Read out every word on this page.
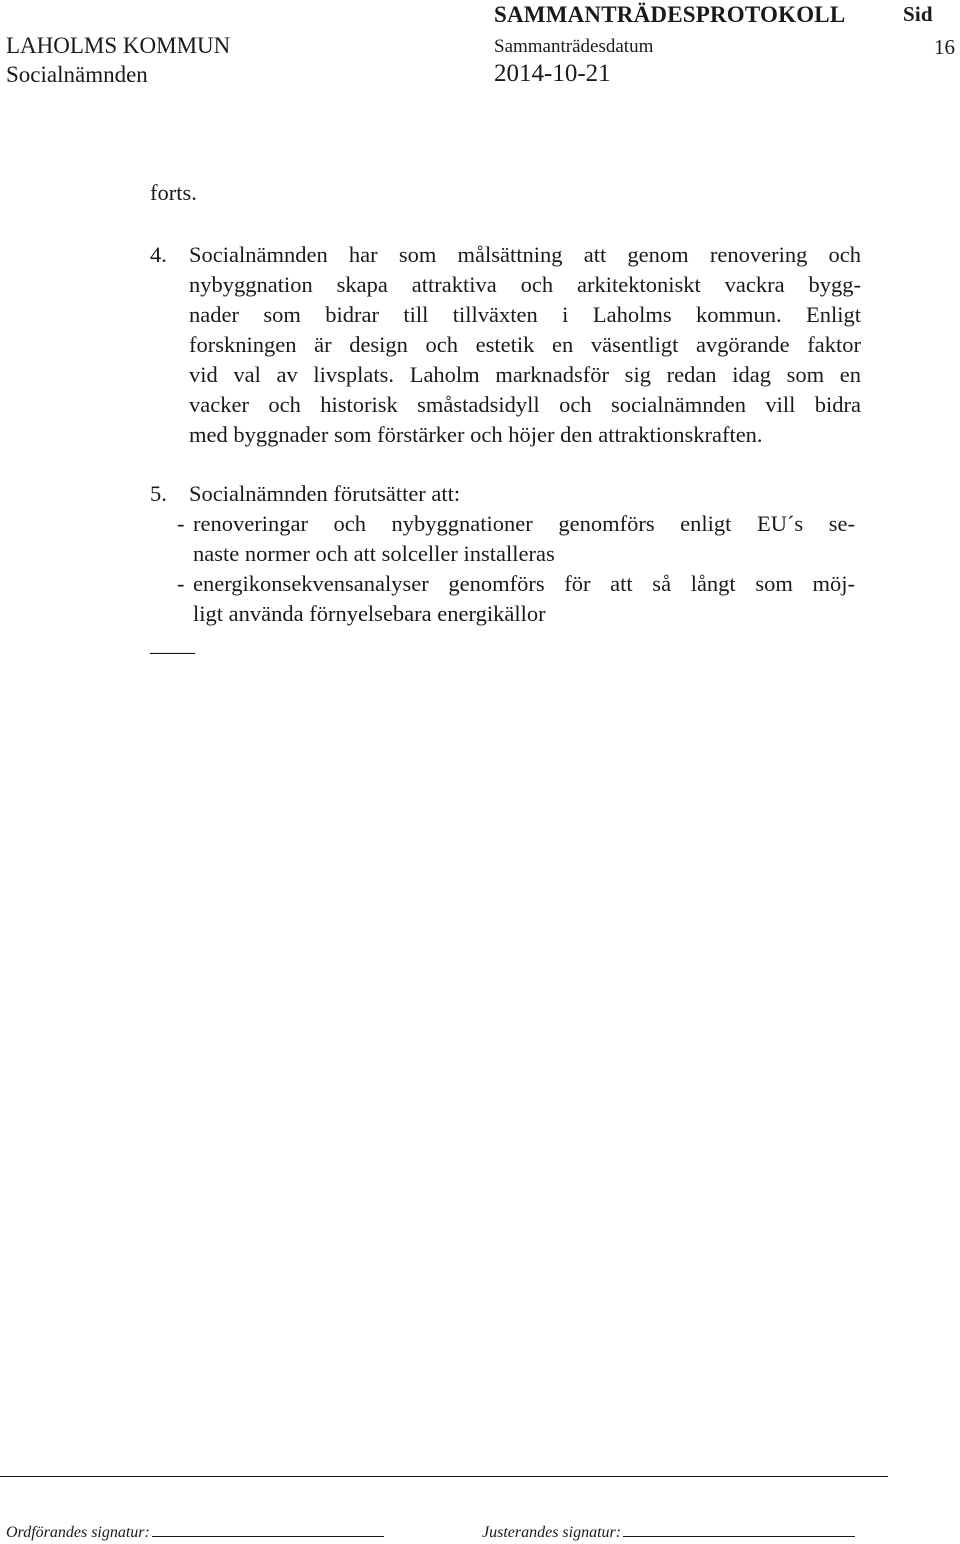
SAMMANTRÄDESPROTOKOLL	Sid
LAHOLMS KOMMUN	Sammanträdesdatum	16
Socialnämnden	2014-10-21
forts.
4. Socialnämnden har som målsättning att genom renovering och
nybyggnation skapa attraktiva och arkitektoniskt vackra bygg-
nader som bidrar till tillväxten i Laholms kommun. Enligt
forskningen är design och estetik en väsentligt avgörande faktor
vid val av livsplats. Laholm marknadsför sig redan idag som en
vacker och historisk småstadsidyll och socialnämnden vill bidra
med byggnader som förstärker och höjer den attraktionskraften.
5. Socialnämnden förutsätter att:
- renoveringar och nybyggnationer genomförs enligt EU´s se-
naste normer och att solceller installeras
- energikonsekvensanalyser genomförs för att så långt som möj-
ligt använda förnyelsebara energikällor
____
Ordförandes signatur:	Justerandes signatur:
